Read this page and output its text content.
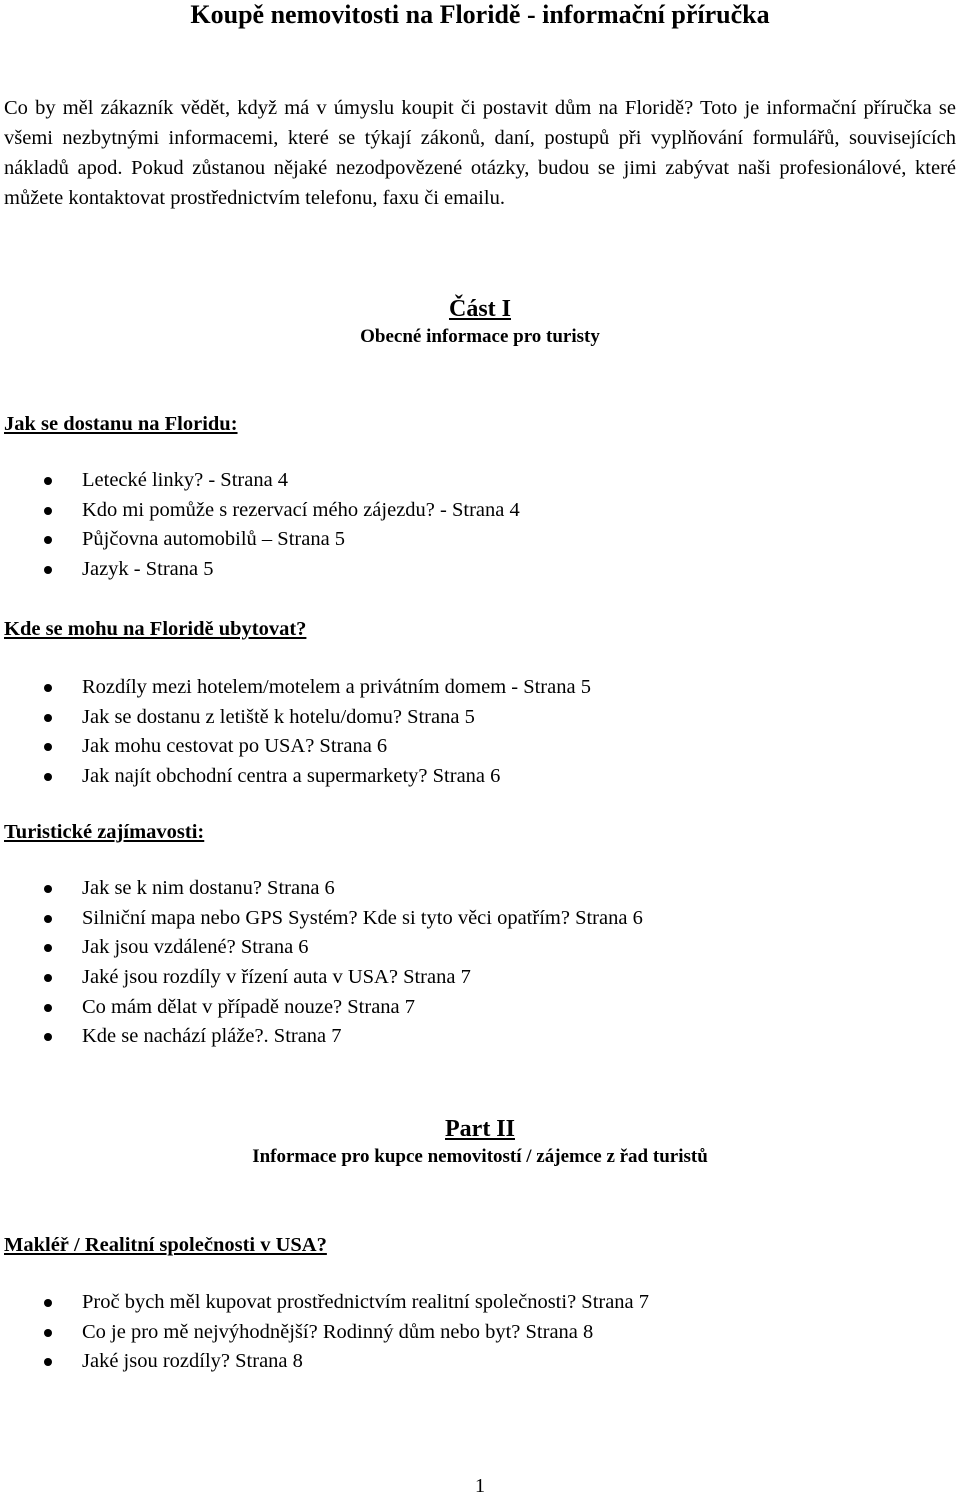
Koupě nemovitosti na Floridě - informační příručka
Co by měl zákazník vědět, když má v úmyslu koupit či postavit dům na Floridě? Toto je informační příručka se všemi nezbytnými informacemi, které se týkají zákonů, daní, postupů při vyplňování formulářů, souvisejících nákladů apod. Pokud zůstanou nějaké nezodpovězené otázky, budou se jimi zabývat naši profesionálové, které můžete kontaktovat prostřednictvím telefonu, faxu či emailu.
Část I
Obecné informace pro turisty
Jak se dostanu na Floridu:
Letecké linky? - Strana 4
Kdo mi pomůže s rezervací mého zájezdu? - Strana 4
Půjčovna automobilů – Strana 5
Jazyk - Strana 5
Kde se mohu na Floridě ubytovat?
Rozdíly mezi hotelem/motelem a privátním domem - Strana 5
Jak se dostanu z letiště k hotelu/domu? Strana 5
Jak mohu cestovat po USA? Strana 6
Jak najít obchodní centra a supermarkety? Strana 6
Turistické zajímavosti:
Jak se k nim dostanu? Strana 6
Silniční mapa nebo GPS Systém? Kde si tyto věci opatřím? Strana 6
Jak jsou vzdálené? Strana 6
Jaké jsou rozdíly v řízení auta v USA? Strana 7
Co mám dělat v případě nouze? Strana 7
Kde se nachází pláže?. Strana 7
Part II
Informace pro kupce nemovitostí / zájemce z řad turistů
Makléř / Realitní společnosti v USA?
Proč bych měl kupovat prostřednictvím realitní společnosti? Strana 7
Co je pro mě nejvýhodnější? Rodinný dům nebo byt? Strana 8
Jaké jsou rozdíly? Strana 8
1
